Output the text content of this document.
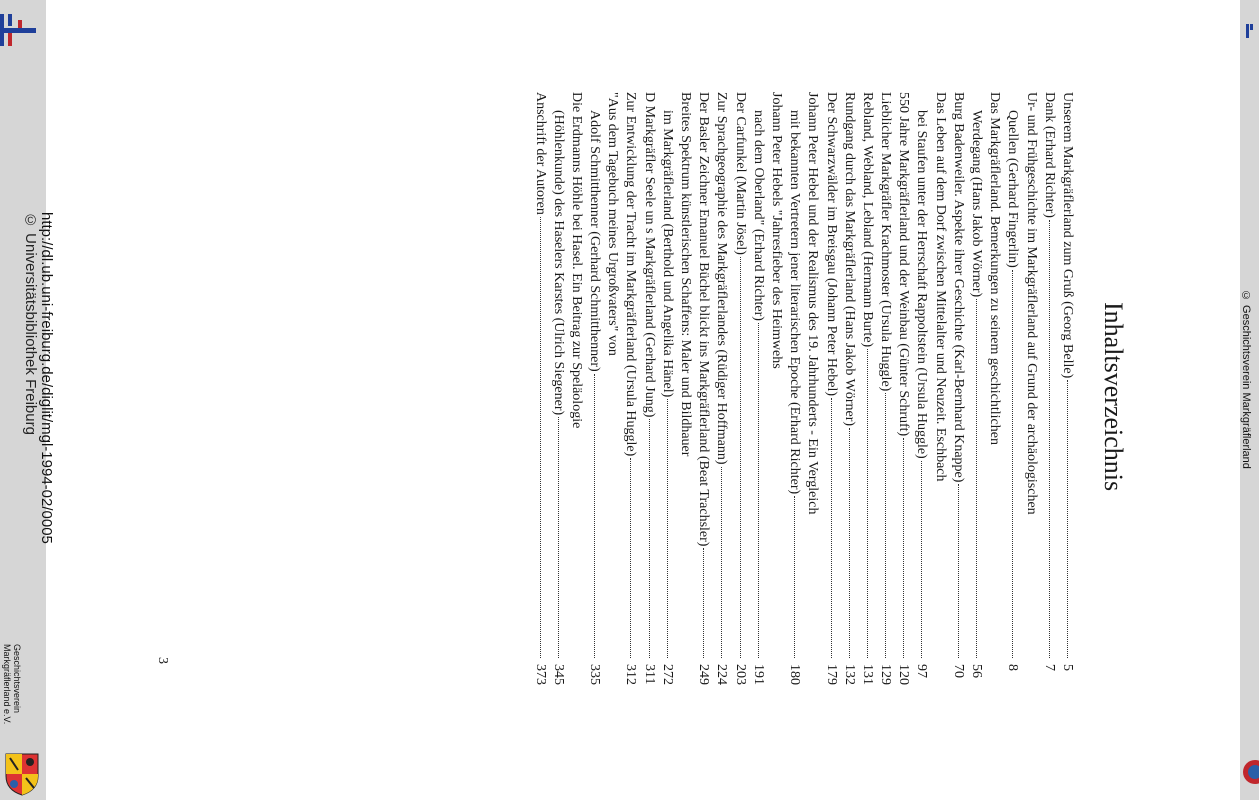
http://dl.ub.uni-freiburg.de/diglit/mgl-1994-02/0005
© Universitätsbibliothek Freiburg
Geschichtsverein
Markgräflerland e.V.
© Geschichtsverein Markgräflerland
Inhaltsverzeichnis
Unserem Markgräflerland zum Gruß (Georg Belle)
5
Dank (Erhard Richter)
7
Ur- und Frühgeschichte im Markgräflerland auf Grund der archäologischen
Quellen (Gerhard Fingerlin)
8
Das Markgräflerland. Bemerkungen zu seinem geschichtlichen
Werdegang (Hans Jakob Wörner)
56
Burg Badenweiler. Aspekte ihrer Geschichte (Karl-Bernhard Knappe)
70
Das Leben auf dem Dorf zwischen Mittelalter und Neuzeit. Eschbach
bei Staufen unter der Herrschaft Rappoltstein (Ursula Huggle)
97
550 Jahre Markgräflerland und der Weinbau (Günter Schruft)
120
Lieblicher Markgräfler Krachmoster (Ursula Huggle)
129
Rebland, Webland, Lebland (Hermann Burte)
131
Rundgang durch das Markgräflerland (Hans Jakob Wörner)
132
Der Schwarzwälder im Breisgau (Johann Peter Hebel)
179
Johann Peter Hebel und der Realismus des 19. Jahrhunderts - Ein Vergleich
mit bekannten Vertretern jener literarischen Epoche (Erhard Richter)
180
Johann Peter Hebels "Jahresfieber des Heimwehs
nach dem Oberland" (Erhard Richter)
191
Der Carfunkel (Martin Jösel)
203
Zur Sprachgeographie des Markgräflerlandes (Rüdiger Hoffmann)
224
Der Basler Zeichner Emanuel Büchel blickt ins Markgräflerland (Beat Trachsler)
249
Breites Spektrum künstlerischen Schaffens: Maler und Bildhauer
im Markgräflerland (Berthold und Angelika Hänel)
272
D Markgräfler Seele un s Markgräflerland (Gerhard Jung)
311
Zur Entwicklung der Tracht im Markgräflerland (Ursula Huggle)
312
"Aus dem Tagebuch meines Urgroßvaters" von
Adolf Schmitthenner (Gerhard Schmitthenner)
335
Die Erdmanns Höhle bei Hasel. Ein Beitrag zur Speläologie
(Höhlenkunde) des Haselers Karstes (Ulrich Siegener)
345
Anschrift der Autoren
373
3
